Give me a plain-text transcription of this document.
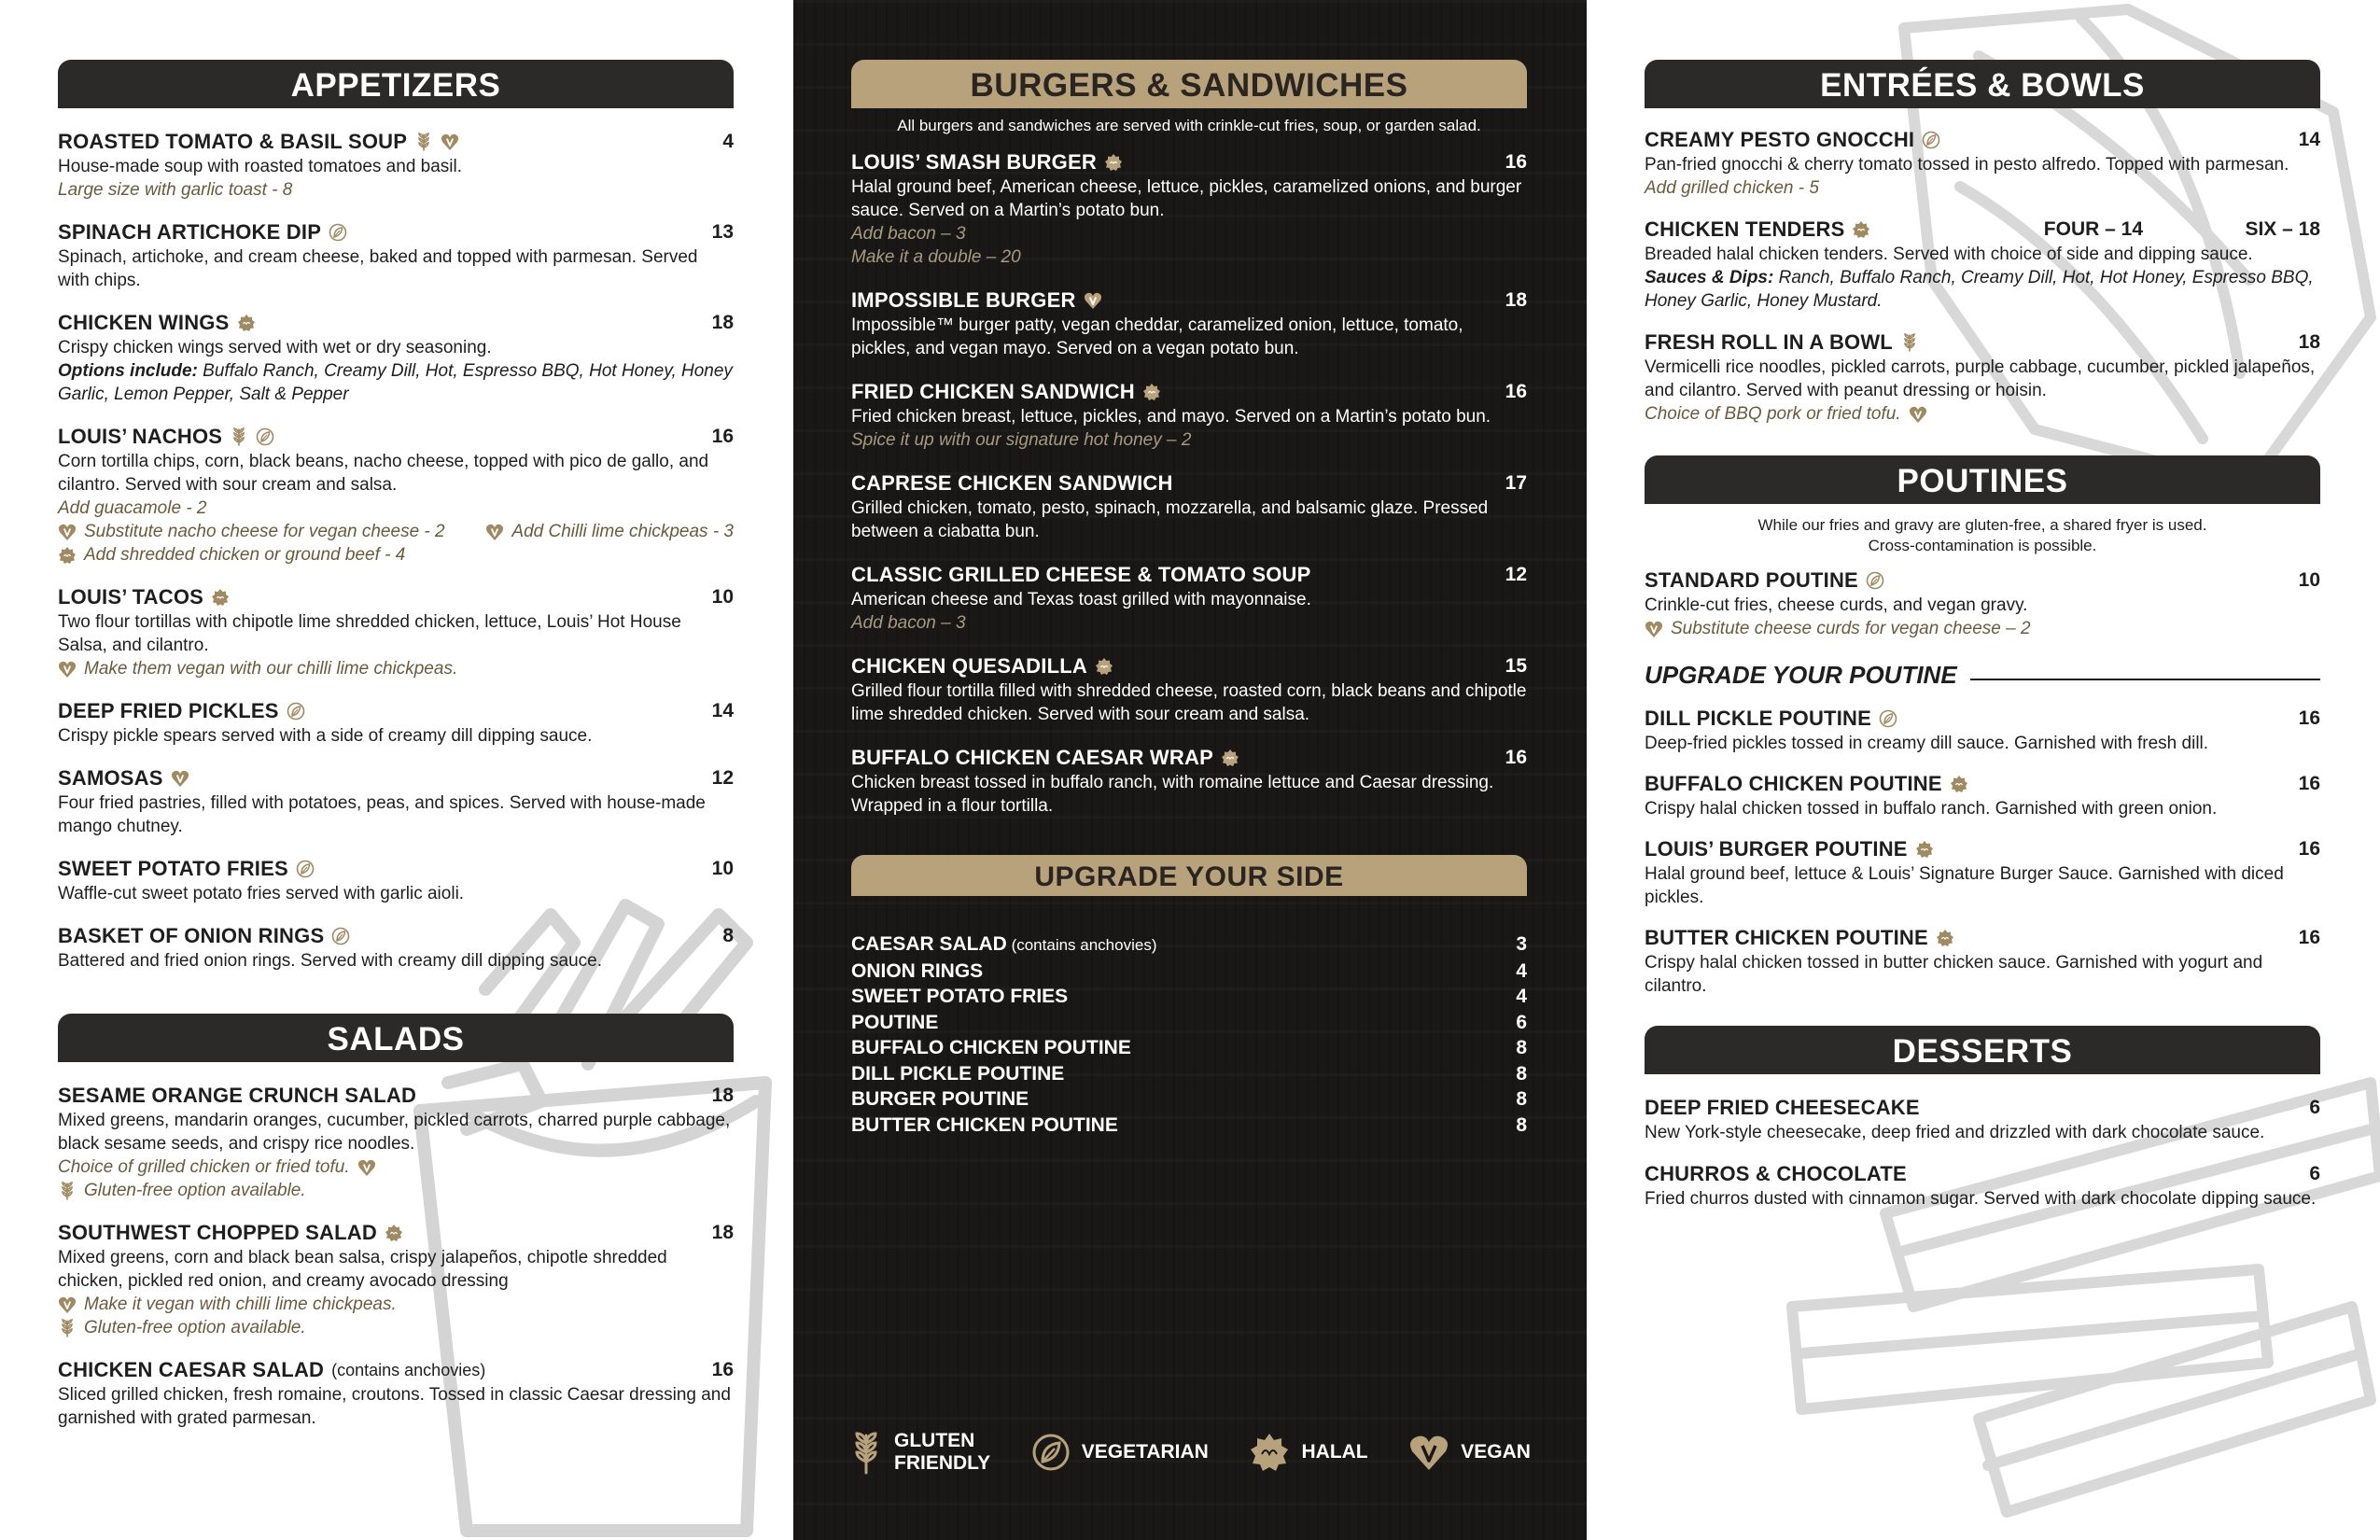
APPETIZERS
ROASTED TOMATO & BASIL SOUP	4
House-made soup with roasted tomatoes and basil.
Large size with garlic toast - 8
SPINACH ARTICHOKE DIP	13
Spinach, artichoke, and cream cheese, baked and topped with parmesan. Served with chips.
CHICKEN WINGS	18
Crispy chicken wings served with wet or dry seasoning.
Options include: Buffalo Ranch, Creamy Dill, Hot, Espresso BBQ, Hot Honey, Honey Garlic, Lemon Pepper, Salt & Pepper
LOUIS’ NACHOS	16
Corn tortilla chips, corn, black beans, nacho cheese, topped with pico de gallo, and cilantro. Served with sour cream and salsa.
Add guacamole - 2
Substitute nacho cheese for vegan cheese - 2	Add Chilli lime chickpeas - 3
Add shredded chicken or ground beef - 4
LOUIS’ TACOS	10
Two flour tortillas with chipotle lime shredded chicken, lettuce, Louis’ Hot House Salsa, and cilantro.
Make them vegan with our chilli lime chickpeas.
DEEP FRIED PICKLES	14
Crispy pickle spears served with a side of creamy dill dipping sauce.
SAMOSAS	12
Four fried pastries, filled with potatoes, peas, and spices. Served with house-made mango chutney.
SWEET POTATO FRIES	10
Waffle-cut sweet potato fries served with garlic aioli.
BASKET OF ONION RINGS	8
Battered and fried onion rings. Served with creamy dill dipping sauce.
SALADS
SESAME ORANGE CRUNCH SALAD	18
Mixed greens, mandarin oranges, cucumber, pickled carrots, charred purple cabbage, black sesame seeds, and crispy rice noodles.
Choice of grilled chicken or fried tofu.
Gluten-free option available.
SOUTHWEST CHOPPED SALAD	18
Mixed greens, corn and black bean salsa, crispy jalapeños, chipotle shredded chicken, pickled red onion, and creamy avocado dressing
Make it vegan with chilli lime chickpeas.
Gluten-free option available.
CHICKEN CAESAR SALAD (contains anchovies)	16
Sliced grilled chicken, fresh romaine, croutons. Tossed in classic Caesar dressing and garnished with grated parmesan.
BURGERS & SANDWICHES
All burgers and sandwiches are served with crinkle-cut fries, soup, or garden salad.
LOUIS’ SMASH BURGER	16
Halal ground beef, American cheese, lettuce, pickles, caramelized onions, and burger sauce. Served on a Martin’s potato bun.
Add bacon – 3
Make it a double – 20
IMPOSSIBLE BURGER	18
Impossible™ burger patty, vegan cheddar, caramelized onion, lettuce, tomato, pickles, and vegan mayo. Served on a vegan potato bun.
FRIED CHICKEN SANDWICH	16
Fried chicken breast, lettuce, pickles, and mayo. Served on a Martin’s potato bun.
Spice it up with our signature hot honey – 2
CAPRESE CHICKEN SANDWICH	17
Grilled chicken, tomato, pesto, spinach, mozzarella, and balsamic glaze. Pressed between a ciabatta bun.
CLASSIC GRILLED CHEESE & TOMATO SOUP	12
American cheese and Texas toast grilled with mayonnaise.
Add bacon – 3
CHICKEN QUESADILLA	15
Grilled flour tortilla filled with shredded cheese, roasted corn, black beans and chipotle lime shredded chicken. Served with sour cream and salsa.
BUFFALO CHICKEN CAESAR WRAP	16
Chicken breast tossed in buffalo ranch, with romaine lettuce and Caesar dressing. Wrapped in a flour tortilla.
UPGRADE YOUR SIDE
CAESAR SALAD (contains anchovies)	3
ONION RINGS	4
SWEET POTATO FRIES	4
POUTINE	6
BUFFALO CHICKEN POUTINE	8
DILL PICKLE POUTINE	8
BURGER POUTINE	8
BUTTER CHICKEN POUTINE	8
GLUTEN
FRIENDLY
VEGETARIAN	HALAL	VEGAN
ENTRÉES & BOWLS
CREAMY PESTO GNOCCHI	14
Pan-fried gnocchi & cherry tomato tossed in pesto alfredo. Topped with parmesan.
Add grilled chicken - 5
CHICKEN TENDERS	FOUR – 14	SIX – 18
Breaded halal chicken tenders. Served with choice of side and dipping sauce.
Sauces & Dips: Ranch, Buffalo Ranch, Creamy Dill, Hot, Hot Honey, Espresso BBQ, Honey Garlic, Honey Mustard.
FRESH ROLL IN A BOWL	18
Vermicelli rice noodles, pickled carrots, purple cabbage, cucumber, pickled jalapeños, and cilantro. Served with peanut dressing or hoisin.
Choice of BBQ pork or fried tofu.
POUTINES
While our fries and gravy are gluten-free, a shared fryer is used.
Cross-contamination is possible.
STANDARD POUTINE	10
Crinkle-cut fries, cheese curds, and vegan gravy.
Substitute cheese curds for vegan cheese – 2
UPGRADE YOUR POUTINE
DILL PICKLE POUTINE	16
Deep-fried pickles tossed in creamy dill sauce. Garnished with fresh dill.
BUFFALO CHICKEN POUTINE	16
Crispy halal chicken tossed in buffalo ranch. Garnished with green onion.
LOUIS’ BURGER POUTINE	16
Halal ground beef, lettuce & Louis’ Signature Burger Sauce. Garnished with diced pickles.
BUTTER CHICKEN POUTINE	16
Crispy halal chicken tossed in butter chicken sauce. Garnished with yogurt and cilantro.
DESSERTS
DEEP FRIED CHEESECAKE	6
New York-style cheesecake, deep fried and drizzled with dark chocolate sauce.
CHURROS & CHOCOLATE	6
Fried churros dusted with cinnamon sugar. Served with dark chocolate dipping sauce.
